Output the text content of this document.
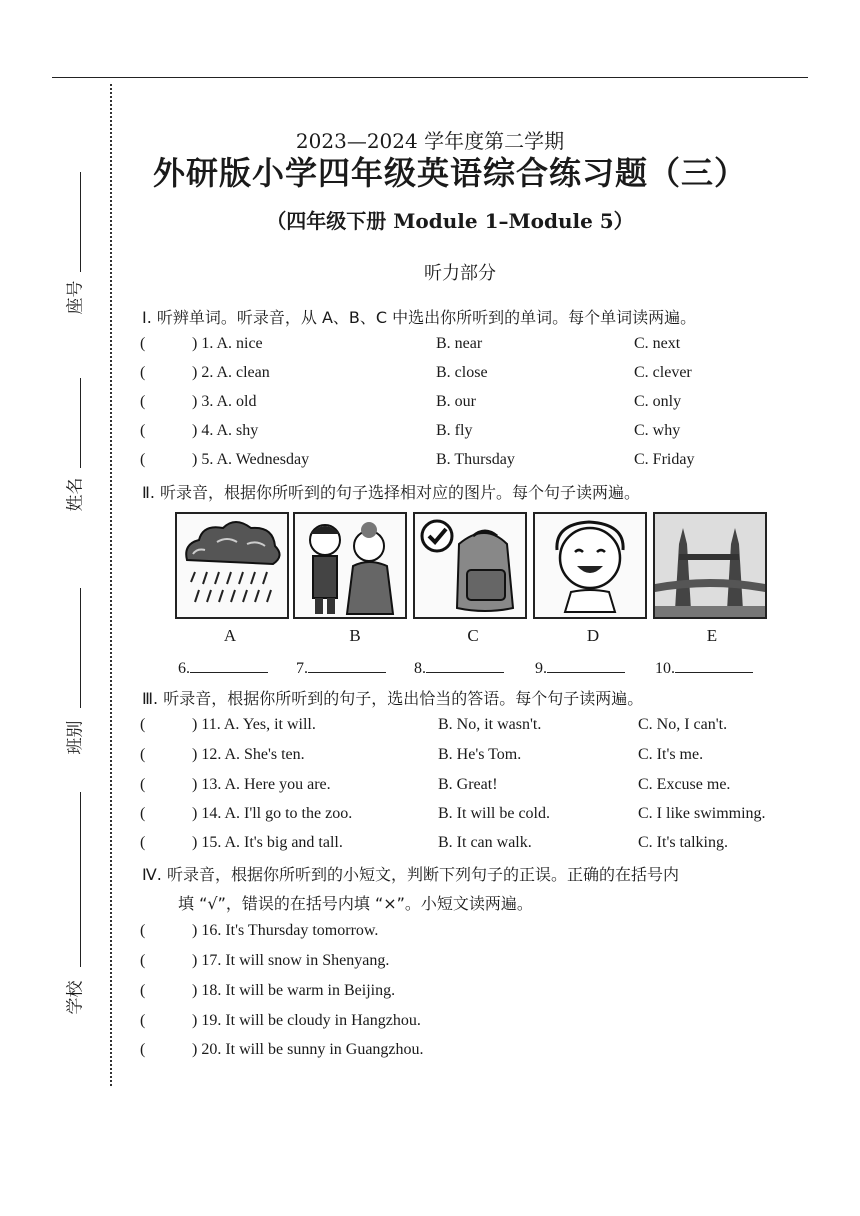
座号
姓名
班别
学校
2023—2024 学年度第二学期
外研版小学四年级英语综合练习题（三）
（四年级下册 Module 1–Module 5）
听力部分
Ⅰ. 听辨单词。听录音，从 A、B、C 中选出你所听到的单词。每个单词读两遍。
(	) 1. A. nice	B. near	C. next
(	) 2. A. clean	B. close	C. clever
(	) 3. A. old	B. our	C. only
(	) 4. A. shy	B. fly	C. why
(	) 5. A. Wednesday	B. Thursday	C. Friday
Ⅱ. 听录音，根据你所听到的句子选择相对应的图片。每个句子读两遍。
A	B	C	D	E
6.	7.	8.	9.	10.
Ⅲ. 听录音，根据你所听到的句子，选出恰当的答语。每个句子读两遍。
(	) 11. A. Yes, it will.	B. No, it wasn't.	C. No, I can't.
(	) 12. A. She's ten.	B. He's Tom.	C. It's me.
(	) 13. A. Here you are.	B. Great!	C. Excuse me.
(	) 14. A. I'll go to the zoo.	B. It will be cold.	C. I like swimming.
(	) 15. A. It's big and tall.	B. It can walk.	C. It's talking.
Ⅳ. 听录音，根据你所听到的小短文，判断下列句子的正误。正确的在括号内
填 “√”，错误的在括号内填 “×”。小短文读两遍。
(	) 16. It's Thursday tomorrow.
(	) 17. It will snow in Shenyang.
(	) 18. It will be warm in Beijing.
(	) 19. It will be cloudy in Hangzhou.
(	) 20. It will be sunny in Guangzhou.
